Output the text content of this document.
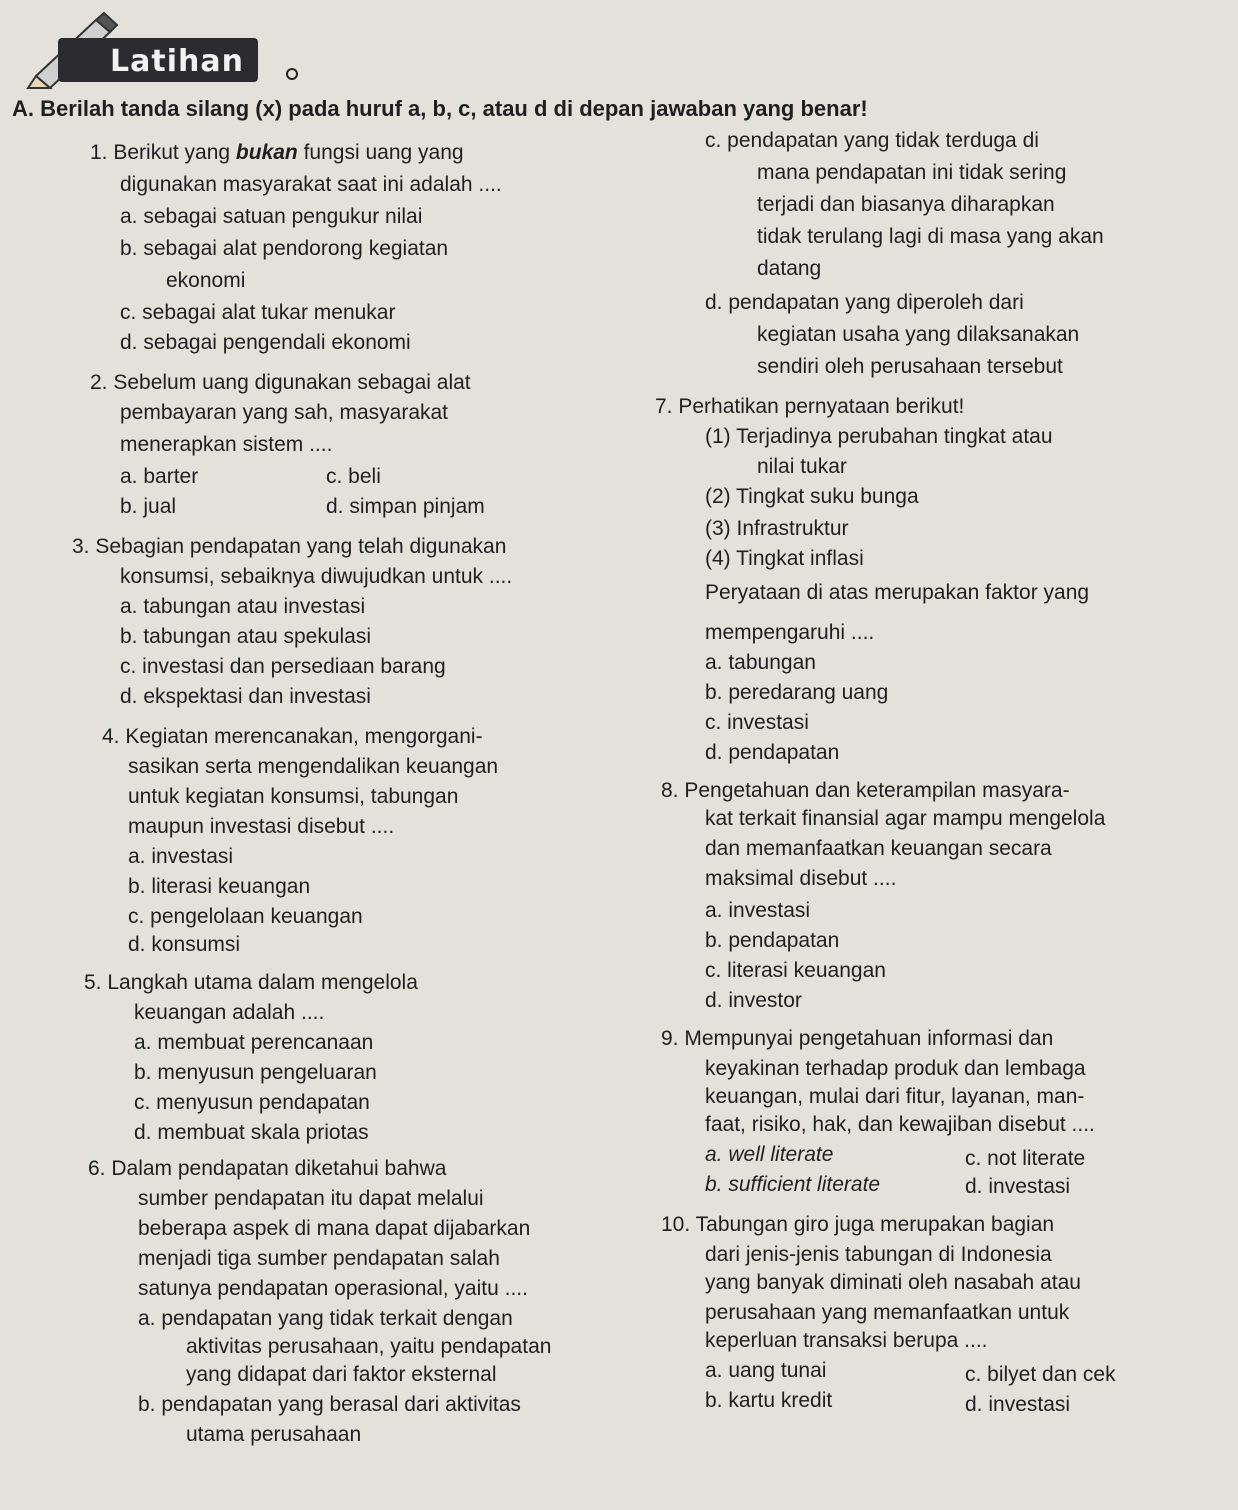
Latihan
A. Berilah tanda silang (x) pada huruf a, b, c, atau d di depan jawaban yang benar!
1. Berikut yang bukan fungsi uang yang
digunakan masyarakat saat ini adalah ....
a. sebagai satuan pengukur nilai
b. sebagai alat pendorong kegiatan
ekonomi
c. sebagai alat tukar menukar
d. sebagai pengendali ekonomi
2. Sebelum uang digunakan sebagai alat
pembayaran yang sah, masyarakat
menerapkan sistem ....
a. barter	c. beli
b. jual	d. simpan pinjam
3. Sebagian pendapatan yang telah digunakan
konsumsi, sebaiknya diwujudkan untuk ....
a. tabungan atau investasi
b. tabungan atau spekulasi
c. investasi dan persediaan barang
d. ekspektasi dan investasi
4. Kegiatan merencanakan, mengorgani-
sasikan serta mengendalikan keuangan
untuk kegiatan konsumsi, tabungan
maupun investasi disebut ....
a. investasi
b. literasi keuangan
c. pengelolaan keuangan
d. konsumsi
5. Langkah utama dalam mengelola
keuangan adalah ....
a. membuat perencanaan
b. menyusun pengeluaran
c. menyusun pendapatan
d. membuat skala priotas
6. Dalam pendapatan diketahui bahwa
sumber pendapatan itu dapat melalui
beberapa aspek di mana dapat dijabarkan
menjadi tiga sumber pendapatan salah
satunya pendapatan operasional, yaitu ....
a. pendapatan yang tidak terkait dengan
aktivitas perusahaan, yaitu pendapatan
yang didapat dari faktor eksternal
b. pendapatan yang berasal dari aktivitas
utama perusahaan
c. pendapatan yang tidak terduga di
mana pendapatan ini tidak sering
terjadi dan biasanya diharapkan
tidak terulang lagi di masa yang akan
datang
d. pendapatan yang diperoleh dari
kegiatan usaha yang dilaksanakan
sendiri oleh perusahaan tersebut
7. Perhatikan pernyataan berikut!
(1) Terjadinya perubahan tingkat atau
nilai tukar
(2) Tingkat suku bunga
(3) Infrastruktur
(4) Tingkat inflasi
Peryataan di atas merupakan faktor yang
mempengaruhi ....
a. tabungan
b. peredarang uang
c. investasi
d. pendapatan
8. Pengetahuan dan keterampilan masyara-
kat terkait finansial agar mampu mengelola
dan memanfaatkan keuangan secara
maksimal disebut ....
a. investasi
b. pendapatan
c. literasi keuangan
d. investor
9. Mempunyai pengetahuan informasi dan
keyakinan terhadap produk dan lembaga
keuangan, mulai dari fitur, layanan, man-
faat, risiko, hak, dan kewajiban disebut ....
a. well literate	c. not literate
b. sufficient literate	d. investasi
10. Tabungan giro juga merupakan bagian
dari jenis-jenis tabungan di Indonesia
yang banyak diminati oleh nasabah atau
perusahaan yang memanfaatkan untuk
keperluan transaksi berupa ....
a. uang tunai	c. bilyet dan cek
b. kartu kredit	d. investasi
